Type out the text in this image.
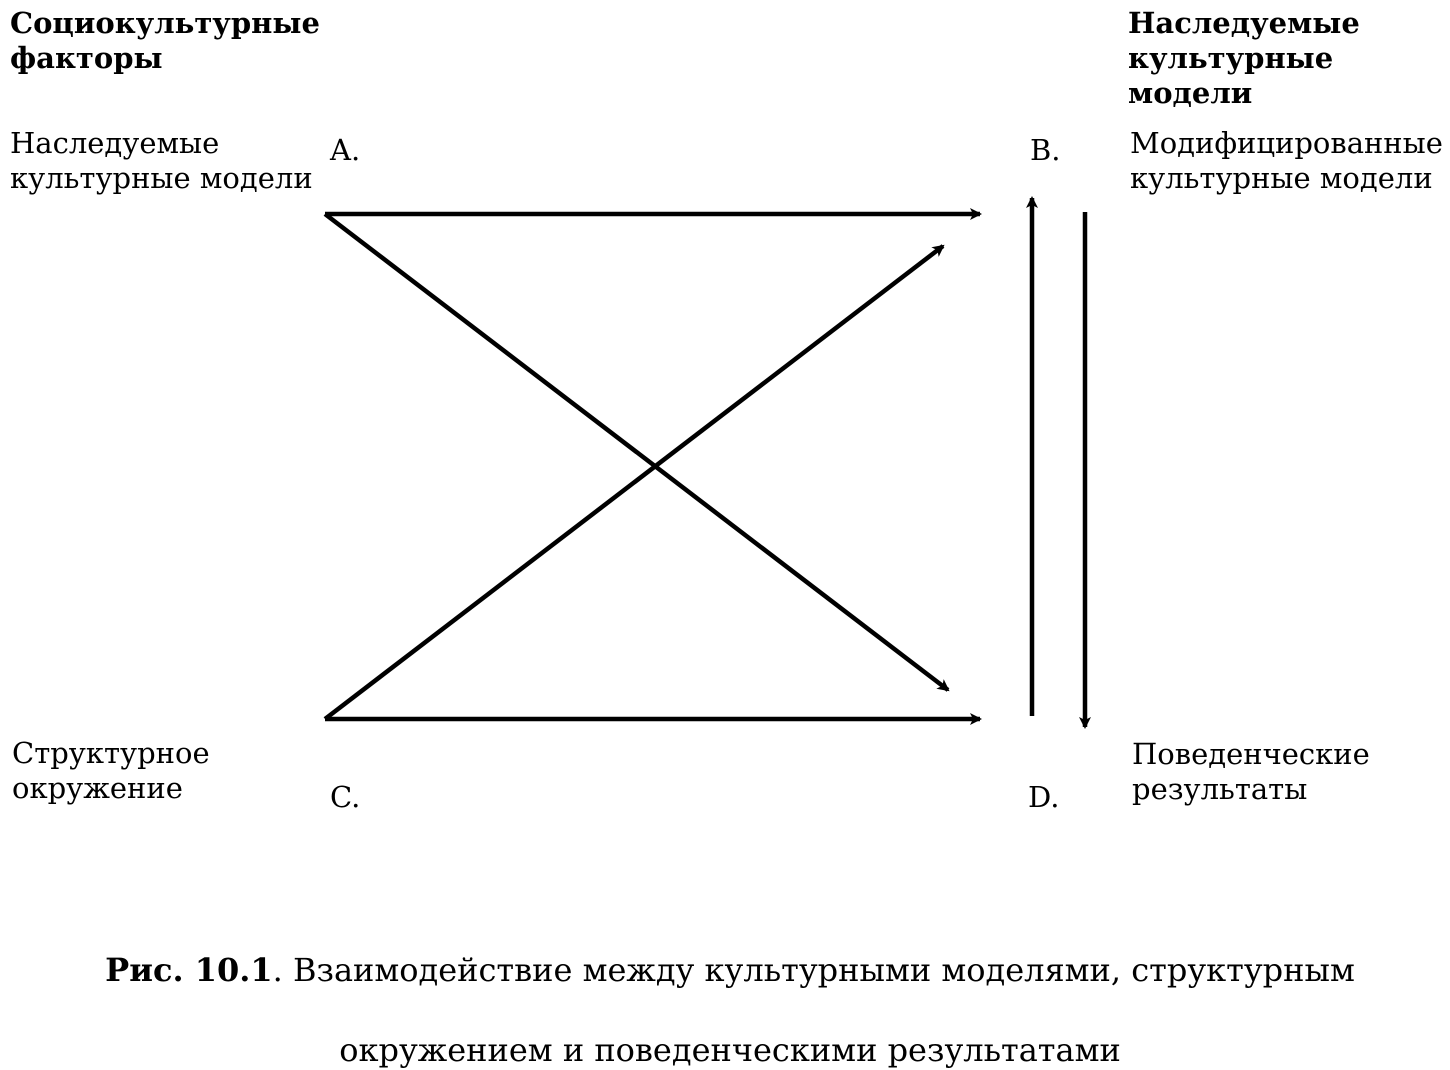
Социокультурные
факторы
Наследуемые
культурные модели
Наследуемые
культурные модели
Структурное
окружение
Модифицированные
культурные модели
Поведенческие
результаты
A.	B.
C.	D.

Рис. 10.1. Взаимодействие между культурными моделями, структурным

окружением и поведенческими результатами
